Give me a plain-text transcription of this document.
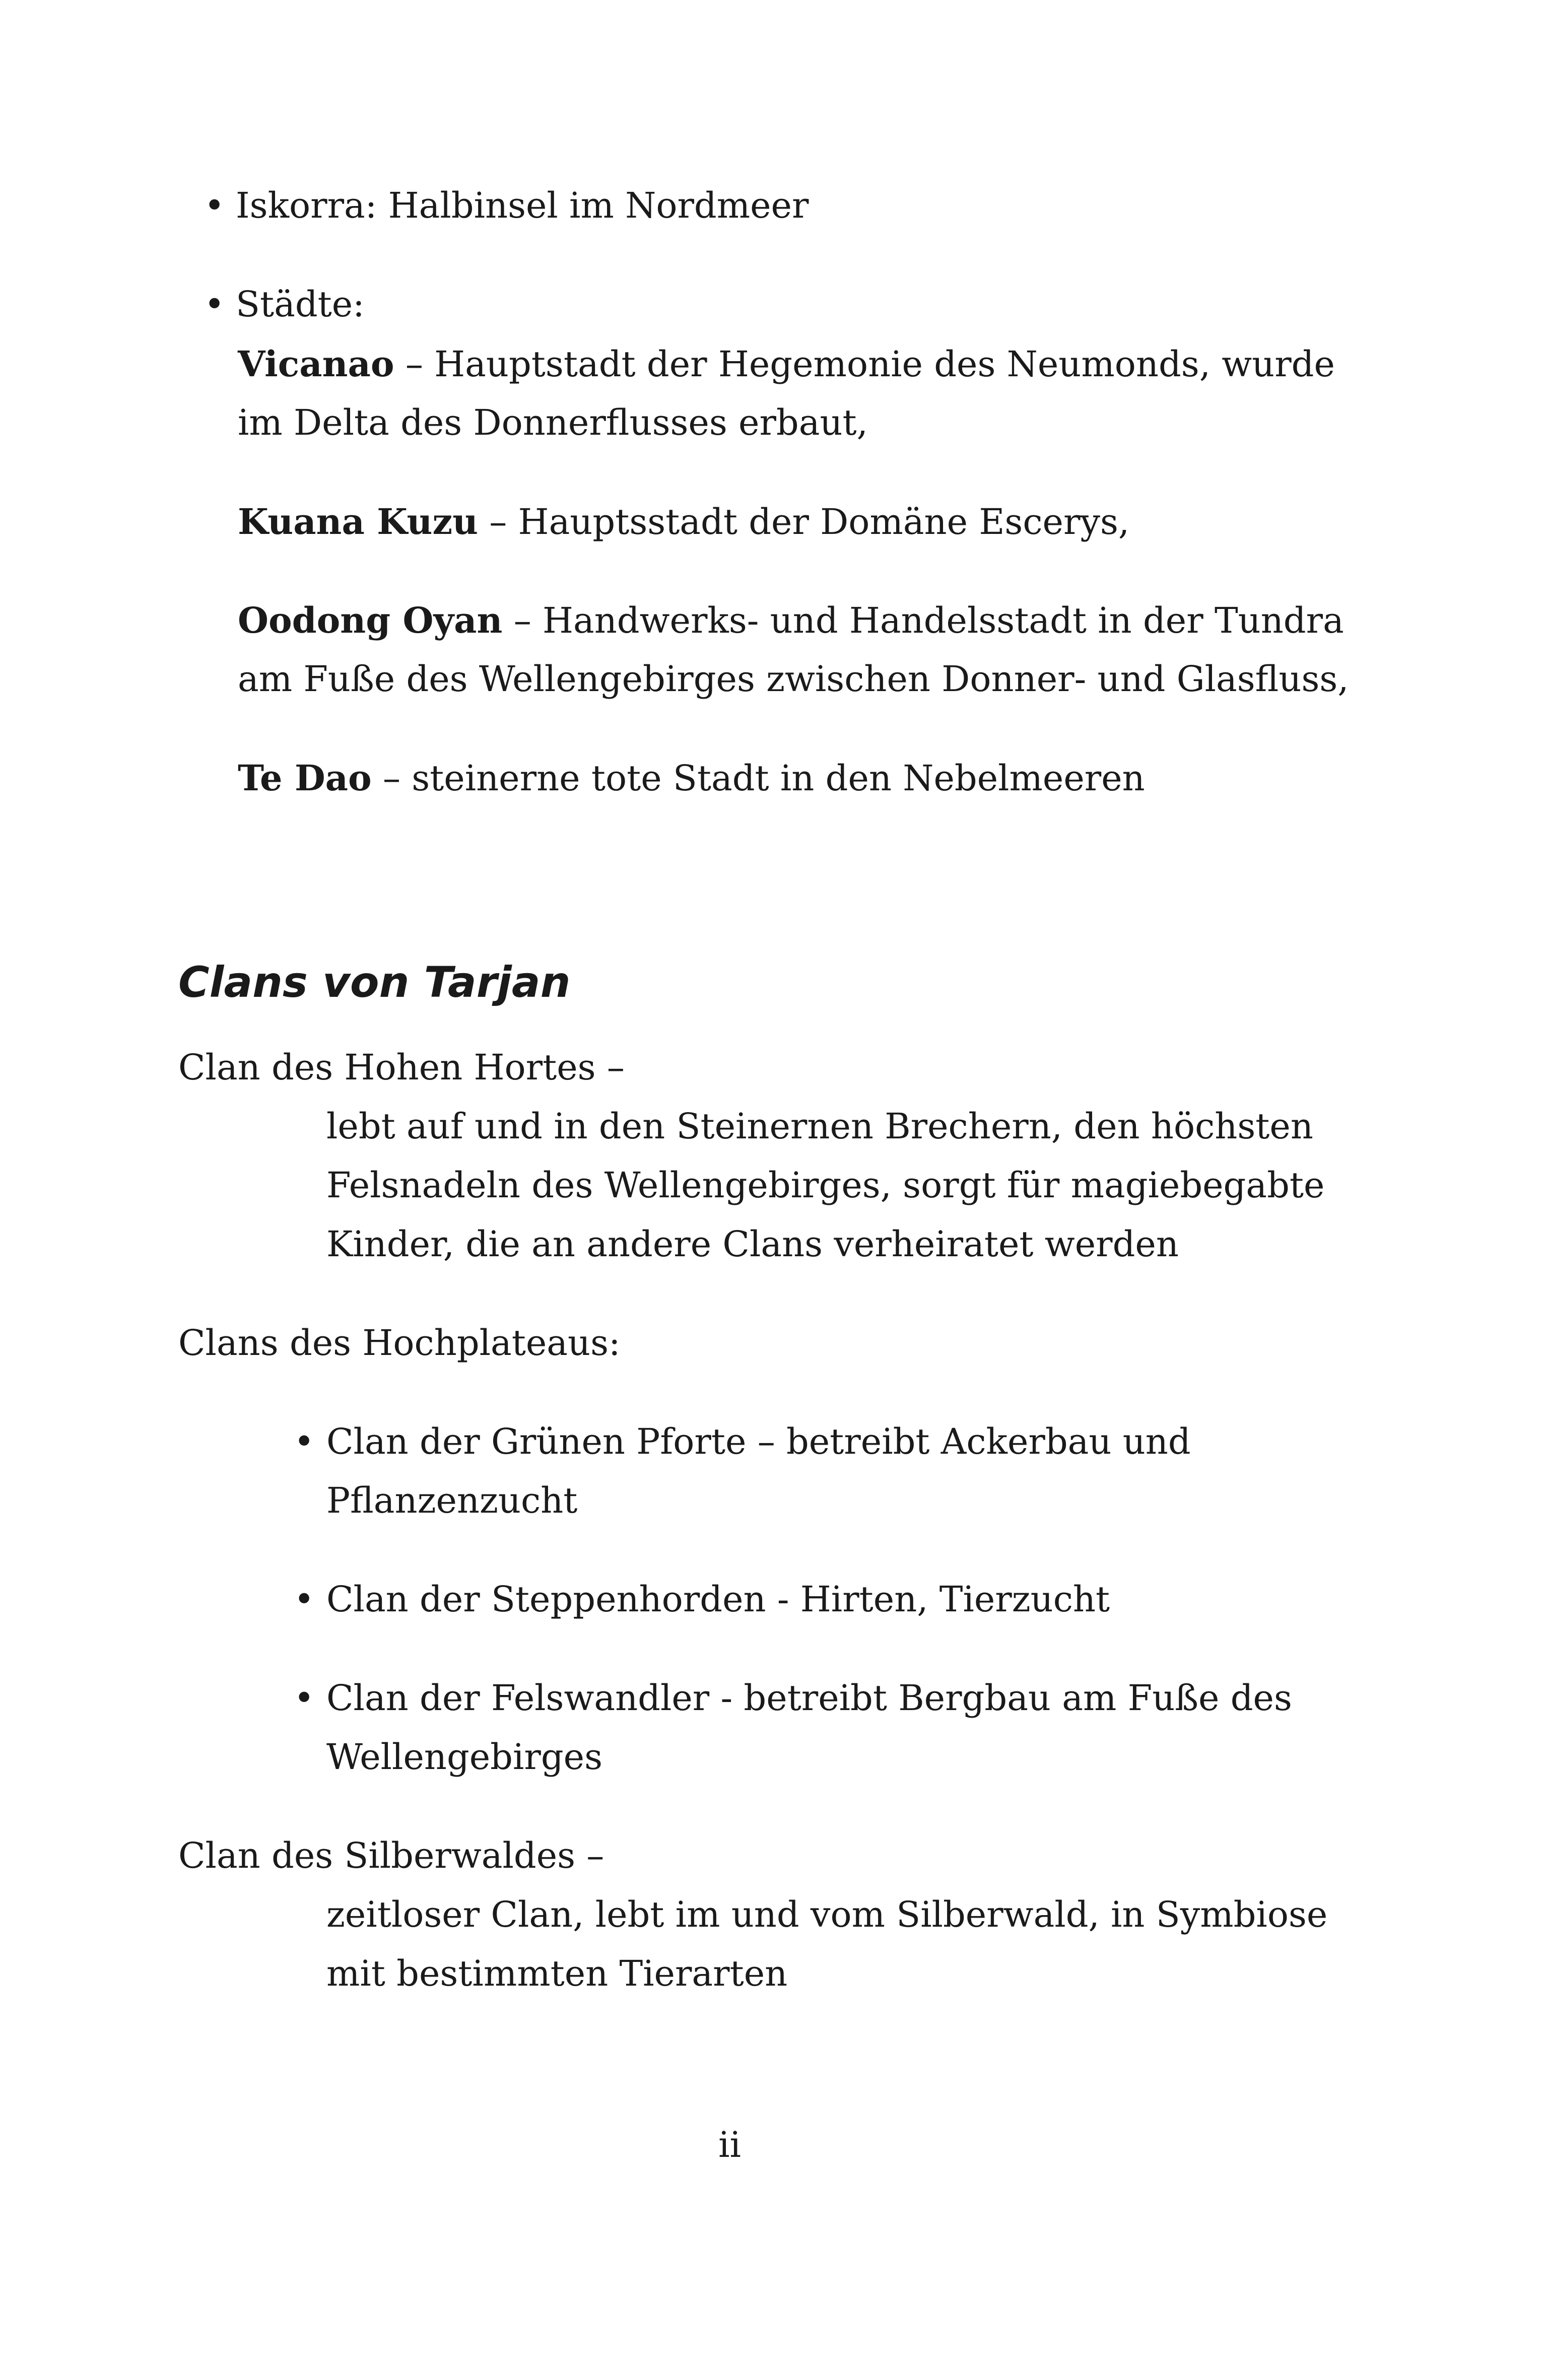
• Iskorra: Halbinsel im Nordmeer
• Städte:
Vicanao – Hauptstadt der Hegemonie des Neumonds, wurde
im Delta des Donnerflusses erbaut,
Kuana Kuzu – Hauptsstadt der Domäne Escerys,
Oodong Oyan – Handwerks- und Handelsstadt in der Tundra
am Fuße des Wellengebirges zwischen Donner- und Glasfluss,
Te Dao – steinerne tote Stadt in den Nebelmeeren
Clans von Tarjan
Clan des Hohen Hortes –
lebt auf und in den Steinernen Brechern, den höchsten
Felsnadeln des Wellengebirges, sorgt für magiebegabte
Kinder, die an andere Clans verheiratet werden
Clans des Hochplateaus:
• Clan der Grünen Pforte – betreibt Ackerbau und
Pflanzenzucht
• Clan der Steppenhorden - Hirten, Tierzucht
• Clan der Felswandler - betreibt Bergbau am Fuße des
Wellengebirges
Clan des Silberwaldes –
zeitloser Clan, lebt im und vom Silberwald, in Symbiose
mit bestimmten Tierarten
ii
